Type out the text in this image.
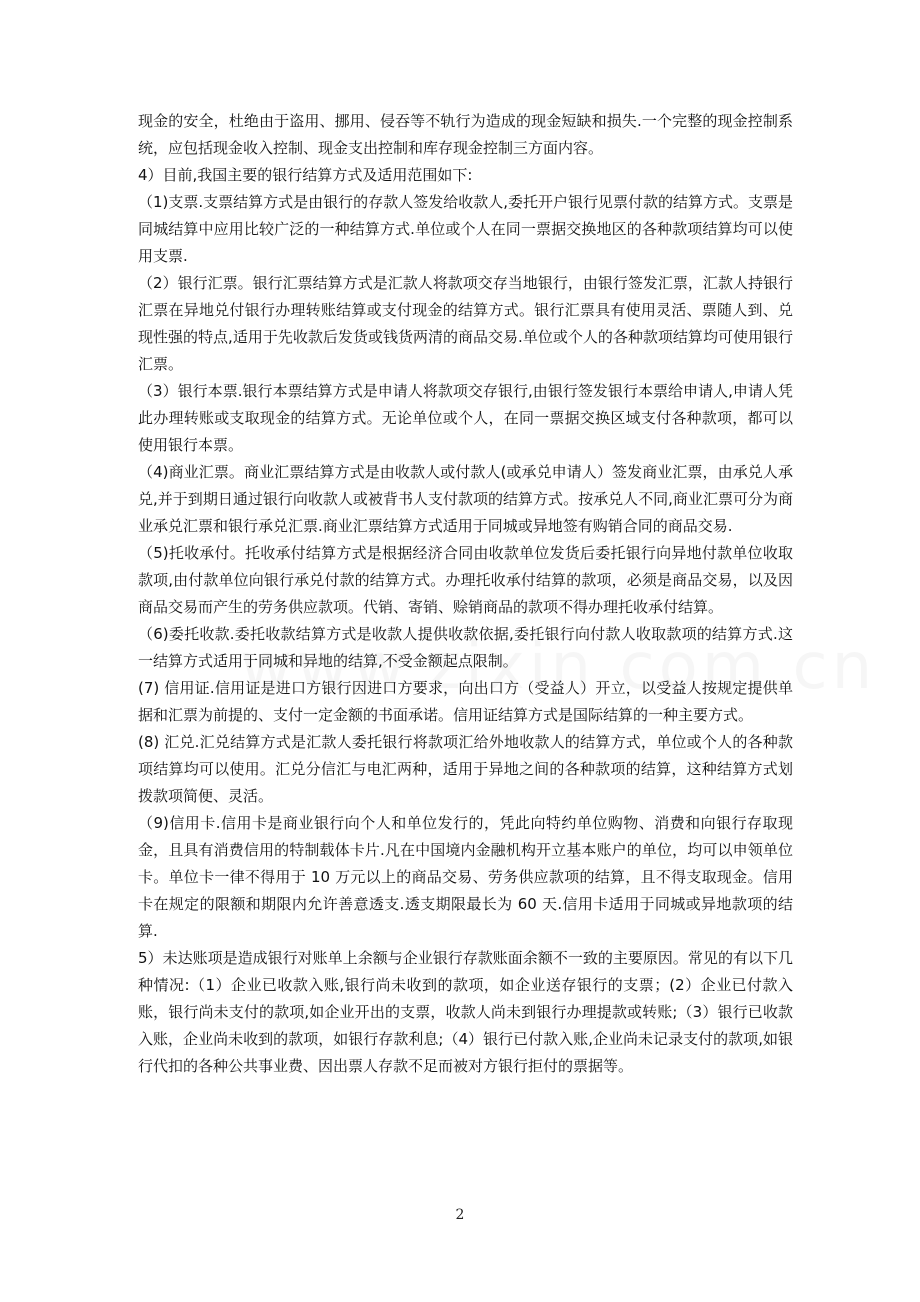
现金的安全，杜绝由于盗用、挪用、侵吞等不轨行为造成的现金短缺和损失.一个完整的现金控制系统，应包括现金收入控制、现金支出控制和库存现金控制三方面内容。

4）目前,我国主要的银行结算方式及适用范围如下:

（1)支票.支票结算方式是由银行的存款人签发给收款人,委托开户银行见票付款的结算方式。支票是同城结算中应用比较广泛的一种结算方式.单位或个人在同一票据交换地区的各种款项结算均可以使用支票.

（2）银行汇票。银行汇票结算方式是汇款人将款项交存当地银行，由银行签发汇票，汇款人持银行汇票在异地兑付银行办理转账结算或支付现金的结算方式。银行汇票具有使用灵活、票随人到、兑现性强的特点,适用于先收款后发货或钱货两清的商品交易.单位或个人的各种款项结算均可使用银行汇票。

（3）银行本票.银行本票结算方式是申请人将款项交存银行,由银行签发银行本票给申请人,申请人凭此办理转账或支取现金的结算方式。无论单位或个人，在同一票据交换区域支付各种款项，都可以使用银行本票。

（4)商业汇票。商业汇票结算方式是由收款人或付款人(或承兑申请人）签发商业汇票，由承兑人承兑,并于到期日通过银行向收款人或被背书人支付款项的结算方式。按承兑人不同,商业汇票可分为商业承兑汇票和银行承兑汇票.商业汇票结算方式适用于同城或异地签有购销合同的商品交易.

（5)托收承付。托收承付结算方式是根据经济合同由收款单位发货后委托银行向异地付款单位收取款项,由付款单位向银行承兑付款的结算方式。办理托收承付结算的款项，必须是商品交易，以及因商品交易而产生的劳务供应款项。代销、寄销、赊销商品的款项不得办理托收承付结算。

（6)委托收款.委托收款结算方式是收款人提供收款依据,委托银行向付款人收取款项的结算方式.这一结算方式适用于同城和异地的结算,不受金额起点限制。

(7) 信用证.信用证是进口方银行因进口方要求，向出口方（受益人）开立，以受益人按规定提供单据和汇票为前提的、支付一定金额的书面承诺。信用证结算方式是国际结算的一种主要方式。

(8) 汇兑.汇兑结算方式是汇款人委托银行将款项汇给外地收款人的结算方式，单位或个人的各种款项结算均可以使用。汇兑分信汇与电汇两种，适用于异地之间的各种款项的结算，这种结算方式划拨款项简便、灵活。

（9)信用卡.信用卡是商业银行向个人和单位发行的，凭此向特约单位购物、消费和向银行存取现金，且具有消费信用的特制载体卡片.凡在中国境内金融机构开立基本账户的单位，均可以申领单位卡。单位卡一律不得用于 10 万元以上的商品交易、劳务供应款项的结算，且不得支取现金。信用卡在规定的限额和期限内允许善意透支.透支期限最长为 60 天.信用卡适用于同城或异地款项的结算.

5）未达账项是造成银行对账单上余额与企业银行存款账面余额不一致的主要原因。常见的有以下几种情况:（1）企业已收款入账,银行尚未收到的款项，如企业送存银行的支票；(2）企业已付款入账，银行尚未支付的款项,如企业开出的支票，收款人尚未到银行办理提款或转账;（3）银行已收款入账，企业尚未收到的款项，如银行存款利息;（4）银行已付款入账,企业尚未记录支付的款项,如银行代扣的各种公共事业费、因出票人存款不足而被对方银行拒付的票据等。

2
